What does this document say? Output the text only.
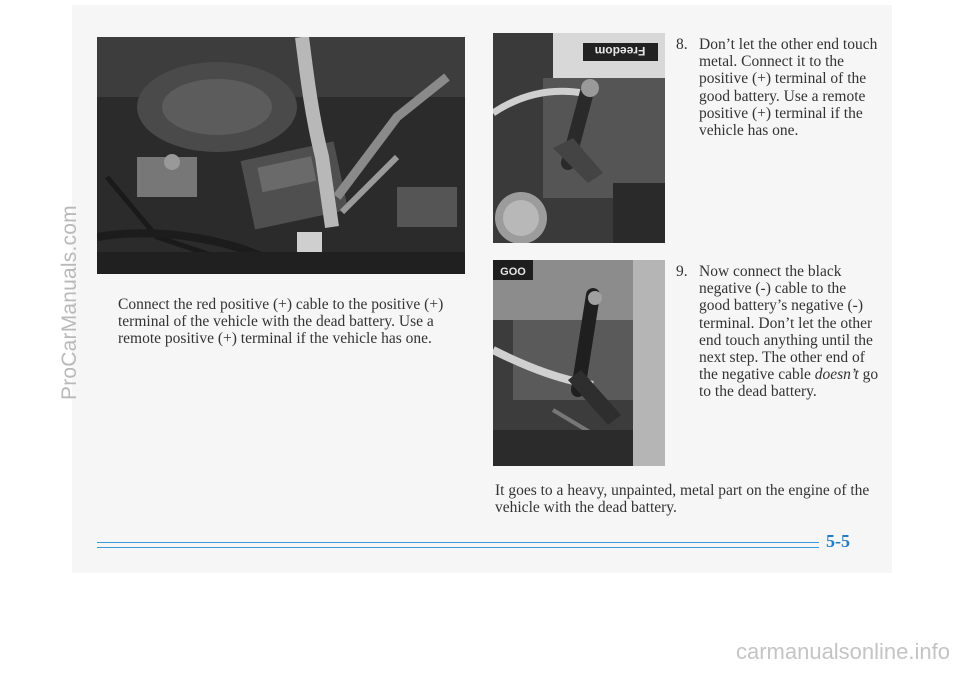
Freedom
GOO
Connect the red positive (+) cable to the positive (+) terminal of the vehicle with the dead battery. Use a remote positive (+) terminal if the vehicle has one.
8. Don’t let the other end touch metal. Connect it to the positive (+) terminal of the good battery. Use a remote positive (+) terminal if the vehicle has one.
9. Now connect the black negative (-) cable to the good battery’s negative (-) terminal. Don’t let the other end touch anything until the next step. The other end of the negative cable doesn’t go to the dead battery.
It goes to a heavy, unpainted, metal part on the engine of the vehicle with the dead battery.
5-5
ProCarManuals.com
carmanualsonline.info
